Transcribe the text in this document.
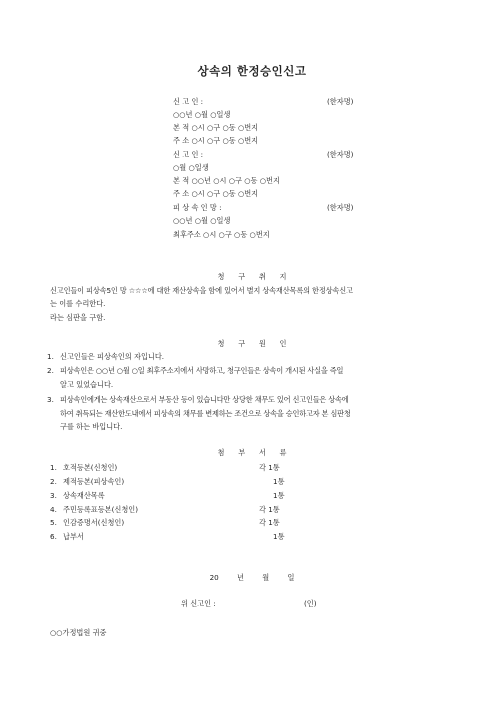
상속의 한정승인신고
신 고 인 :	(한자명)
○○년 ○월 ○일생
본 적 ○시 ○구 ○동 ○번지
주 소 ○시 ○구 ○동 ○번지
신 고 인 :	(한자명)
○월 ○일생
본 적 ○○년 ○시 ○구 ○동 ○번지
주 소 ○시 ○구 ○동 ○번지
피 상 속 인 망 :	(한자명)
○○년 ○월 ○일생
최후주소 ○시 ○구 ○동 ○번지
청      구      취      지
신고인들이 피상속5인 망 ☆☆☆에 대한 재산상속을 함에 있어서 별지 상속재산목록의 한정상속신고
는 이를 수리한다.
라는 심판을 구함.
청      구      원      인
1. 신고인들은 피상속인의 자입니다.
2. 피상속인은 ○○년 ○월 ○일 최후주소지에서 사망하고, 청구인들은 상속이 개시된 사실을 즉일
알고 있었습니다.
3. 피상속인에게는 상속재산으로서 부동산 등이 있습니다만 상당한 채무도 있어 신고인들은 상속에
하여 취득되는 재산한도내에서 피상속의 채무를 변제하는 조건으로 상속을 승인하고자 본 심판청
구를 하는 바입니다.
첨      부      서      류
1. 호적등본(신청인)	각 1통
2. 제적등본(피상속인)	1통
3. 상속재산목록	1통
4. 주민등록표등본(신청인)	각 1통
5. 인감증명서(신청인)	각 1통
6. 납부서	1통
20        년        월        일
위 신고인 :	(인)
○○가정법원 귀중
